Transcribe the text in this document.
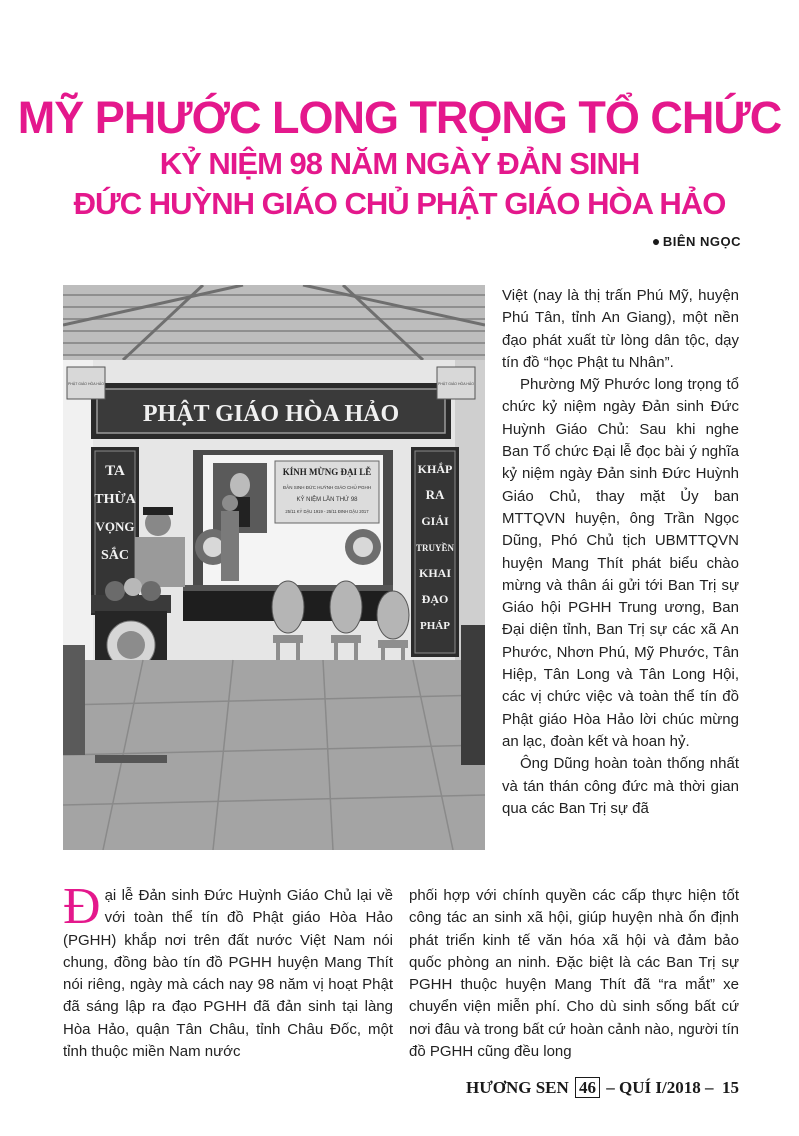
MỸ PHƯỚC LONG TRỌNG TỔ CHỨC
KỶ NIỆM 98 NĂM NGÀY ĐẢN SINH
ĐỨC HUỲNH GIÁO CHỦ PHẬT GIÁO HÒA HẢO
● BIÊN NGỌC
PHẬT GIÁO HÒA HẢO
PHẬT GIÁO HÒA HẢO	PHẬT GIÁO HÒA HẢO
TA
THỪA
VỌNG
SẮC
KHẮP
RA
GIẢI
TRUYỀN
KHAI
ĐẠO
PHÁP
KÍNH MỪNG ĐẠI LỄ
ĐẢN SINH ĐỨC HUỲNH GIÁO CHỦ PGHH
KỶ NIỆM LẦN THỨ 98
25/11 KỶ DẬU 1919 - 25/11 ĐINH DẬU 2017

Việt (nay là thị trấn Phú Mỹ, huyện Phú Tân, tỉnh An Giang), một nền đạo phát xuất từ lòng dân tộc, dạy tín đồ “học Phật tu Nhân”.

Phường Mỹ Phước long trọng tổ chức kỷ niệm ngày Đản sinh Đức Huỳnh Giáo Chủ: Sau khi nghe Ban Tổ chức Đại lễ đọc bài ý nghĩa kỷ niệm ngày Đản sinh Đức Huỳnh Giáo Chủ, thay mặt Ủy ban MTTQVN huyện, ông Trần Ngọc Dũng, Phó Chủ tịch UBMTTQVN huyện Mang Thít phát biểu chào mừng và thân ái gửi tới Ban Trị sự Giáo hội PGHH Trung ương, Ban Đại diện tỉnh, Ban Trị sự các xã An Phước, Nhơn Phú, Mỹ Phước, Tân Hiệp, Tân Long và Tân Long Hội, các vị chức việc và toàn thể tín đồ Phật giáo Hòa Hảo lời chúc mừng an lạc, đoàn kết và hoan hỷ.

Ông Dũng hoàn toàn thống nhất và tán thán công đức mà thời gian qua các Ban Trị sự đã

Đại lễ Đản sinh Đức Huỳnh Giáo Chủ lại về với toàn thể tín đồ Phật giáo Hòa Hảo (PGHH) khắp nơi trên đất nước Việt Nam nói chung, đồng bào tín đồ PGHH huyện Mang Thít nói riêng, ngày mà cách nay 98 năm vị hoạt Phật đã sáng lập ra đạo PGHH đã đản sinh tại làng Hòa Hảo, quận Tân Châu, tỉnh Châu Đốc, một tỉnh thuộc miền Nam nước

phối hợp với chính quyền các cấp thực hiện tốt công tác an sinh xã hội, giúp huyện nhà ổn định phát triển kinh tế văn hóa xã hội và đảm bảo quốc phòng an ninh. Đặc biệt là các Ban Trị sự PGHH thuộc huyện Mang Thít đã “ra mắt” xe chuyển viện miễn phí. Cho dù sinh sống bất cứ nơi đâu và trong bất cứ hoàn cảnh nào, người tín đồ PGHH cũng đều long

HƯƠNG SEN 46 – QUÍ I/2018 – 15
